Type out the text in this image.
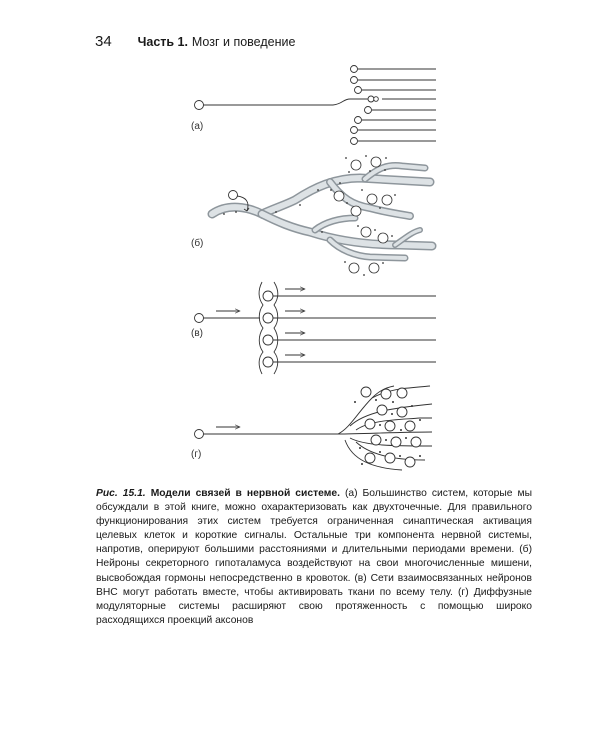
34 Часть 1. Мозг и поведение
(а)
(б)
(в)
(г)
Рис. 15.1. Модели связей в нервной системе. (а) Большинство систем, которые мы обсуждали в этой книге, можно охарактеризовать как двухточечные. Для правильного функционирования этих систем требуется ограниченная синаптическая активация целевых клеток и короткие сигналы. Остальные три компонента нервной системы, напротив, оперируют большими расстояниями и длительными периодами времени. (б) Нейроны секреторного гипоталамуса воздействуют на свои многочисленные мишени, высвобождая гормоны непосредственно в кровоток. (в) Сети взаимосвязанных нейронов ВНС могут работать вместе, чтобы активировать ткани по всему телу. (г) Диффузные модуляторные системы расширяют свою протяженность с помощью широко расходящихся проекций аксонов
